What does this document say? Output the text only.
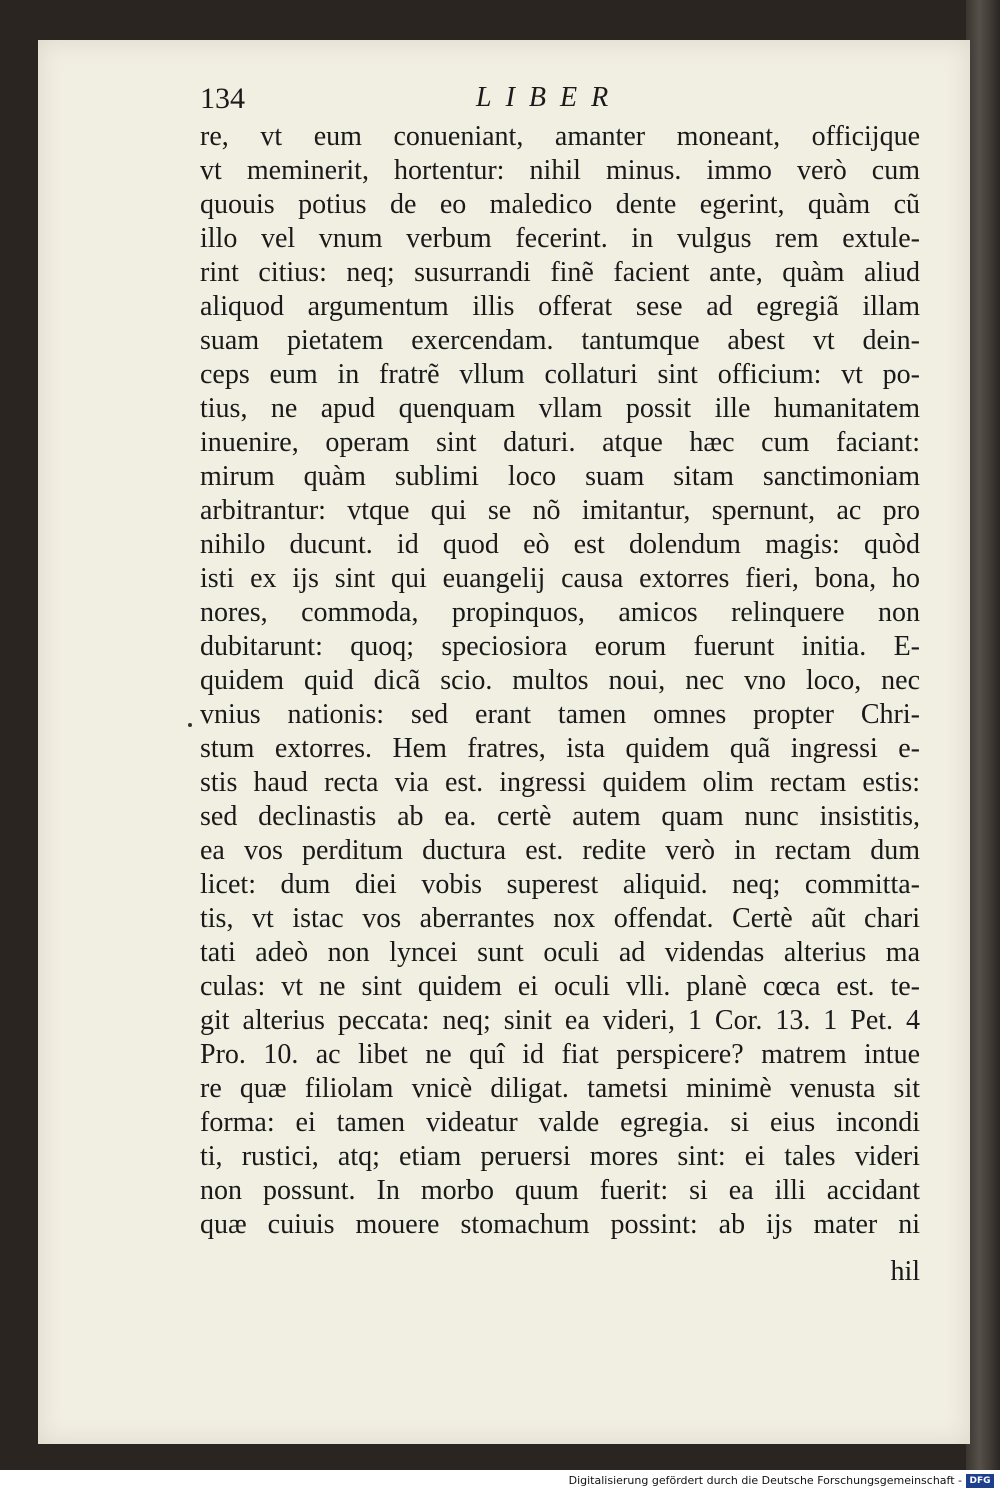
134	LIBER
re, vt eum conueniant, amanter moneant, officijque
vt meminerit, hortentur: nihil minus. immo verò cum
quouis potius de eo maledico dente egerint, quàm cũ
illo vel vnum verbum fecerint. in vulgus rem extule-
rint citius: neq; susurrandi finẽ facient ante, quàm aliud
aliquod argumentum illis offerat sese ad egregiã illam
suam pietatem exercendam. tantumque abest vt dein-
ceps eum in fratrẽ vllum collaturi sint officium: vt po-
tius, ne apud quenquam vllam possit ille humanitatem
inuenire, operam sint daturi. atque hæc cum faciant:
mirum quàm sublimi loco suam sitam sanctimoniam
arbitrantur: vtque qui se nõ imitantur, spernunt, ac pro
nihilo ducunt. id quod eò est dolendum magis: quòd
isti ex ijs sint qui euangelij causa extorres fieri, bona, ho
nores, commoda, propinquos, amicos relinquere non
dubitarunt: quoq; speciosiora eorum fuerunt initia. E-
quidem quid dicã scio. multos noui, nec vno loco, nec
vnius nationis: sed erant tamen omnes propter Chri-
stum extorres. Hem fratres, ista quidem quã ingressi e-
stis haud recta via est. ingressi quidem olim rectam estis:
sed declinastis ab ea. certè autem quam nunc insistitis,
ea vos perditum ductura est. redite verò in rectam dum
licet: dum diei vobis superest aliquid. neq; committa-
tis, vt istac vos aberrantes nox offendat. Certè aũt chari
tati adeò non lyncei sunt oculi ad videndas alterius ma
culas: vt ne sint quidem ei oculi vlli. planè cœca est. te-
git alterius peccata: neq; sinit ea videri, 1 Cor. 13. 1 Pet. 4
Pro. 10. ac libet ne quî id fiat perspicere? matrem intue
re quæ filiolam vnicè diligat. tametsi minimè venusta sit
forma: ei tamen videatur valde egregia. si eius incondi
ti, rustici, atq; etiam peruersi mores sint: ei tales videri
non possunt. In morbo quum fuerit: si ea illi accidant
quæ cuiuis mouere stomachum possint: ab ijs mater ni
hil
Digitalisierung gefördert durch die Deutsche Forschungsgemeinschaft - DFG
